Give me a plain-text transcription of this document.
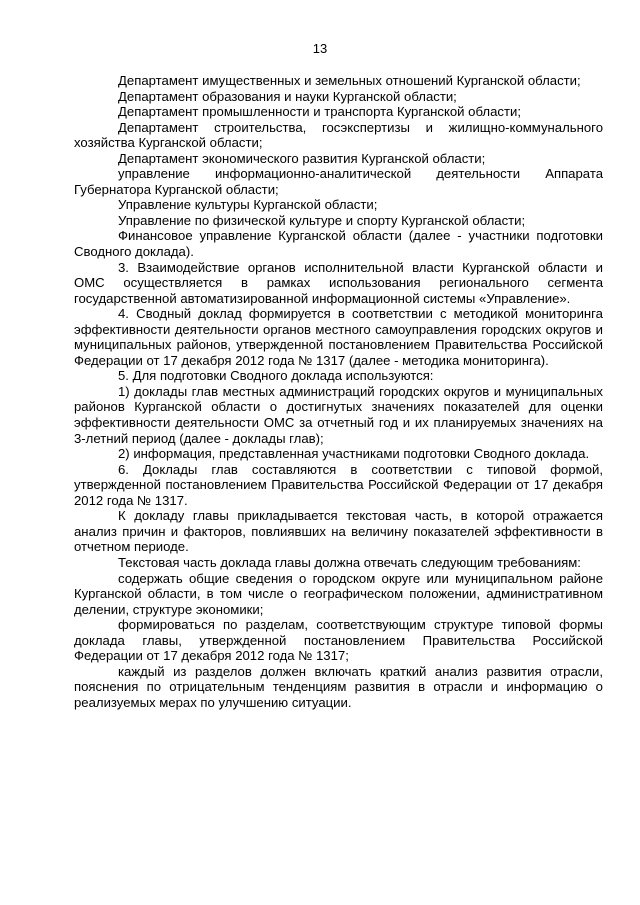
13

Департамент имущественных и земельных отношений Курганской области;

Департамент образования и науки Курганской области;

Департамент промышленности и транспорта Курганской области;

Департамент строительства, госэкспертизы и жилищно-коммунального хозяйства Курганской области;

Департамент экономического развития Курганской области;

управление информационно-аналитической деятельности Аппарата Губернатора Курганской области;

Управление культуры Курганской области;

Управление по физической культуре и спорту Курганской области;

Финансовое управление Курганской области (далее - участники подготовки Сводного доклада).

3. Взаимодействие органов исполнительной власти Курганской области и ОМС осуществляется в рамках использования регионального сегмента государственной автоматизированной информационной системы «Управление».

4. Сводный доклад формируется в соответствии с методикой мониторинга эффективности деятельности органов местного самоуправления городских округов и муниципальных районов, утвержденной постановлением Правительства Российской Федерации от 17 декабря 2012 года № 1317 (далее - методика мониторинга).

5. Для подготовки Сводного доклада используются:

1) доклады глав местных администраций городских округов и муниципальных районов Курганской области о достигнутых значениях показателей для оценки эффективности деятельности ОМС за отчетный год и их планируемых значениях на 3-летний период (далее - доклады глав);

2) информация, представленная участниками подготовки Сводного доклада.

6. Доклады глав составляются в соответствии с типовой формой, утвержденной постановлением Правительства Российской Федерации от 17 декабря 2012 года № 1317.

К докладу главы прикладывается текстовая часть, в которой отражается анализ причин и факторов, повлиявших на величину показателей эффективности в отчетном периоде.

Текстовая часть доклада главы должна отвечать следующим требованиям:

содержать общие сведения о городском округе или муниципальном районе Курганской области, в том числе о географическом положении, административном делении, структуре экономики;

формироваться по разделам, соответствующим структуре типовой формы доклада главы, утвержденной постановлением Правительства Российской Федерации от 17 декабря 2012 года № 1317;

каждый из разделов должен включать краткий анализ развития отрасли, пояснения по отрицательным тенденциям развития в отрасли и информацию о реализуемых мерах по улучшению ситуации.
